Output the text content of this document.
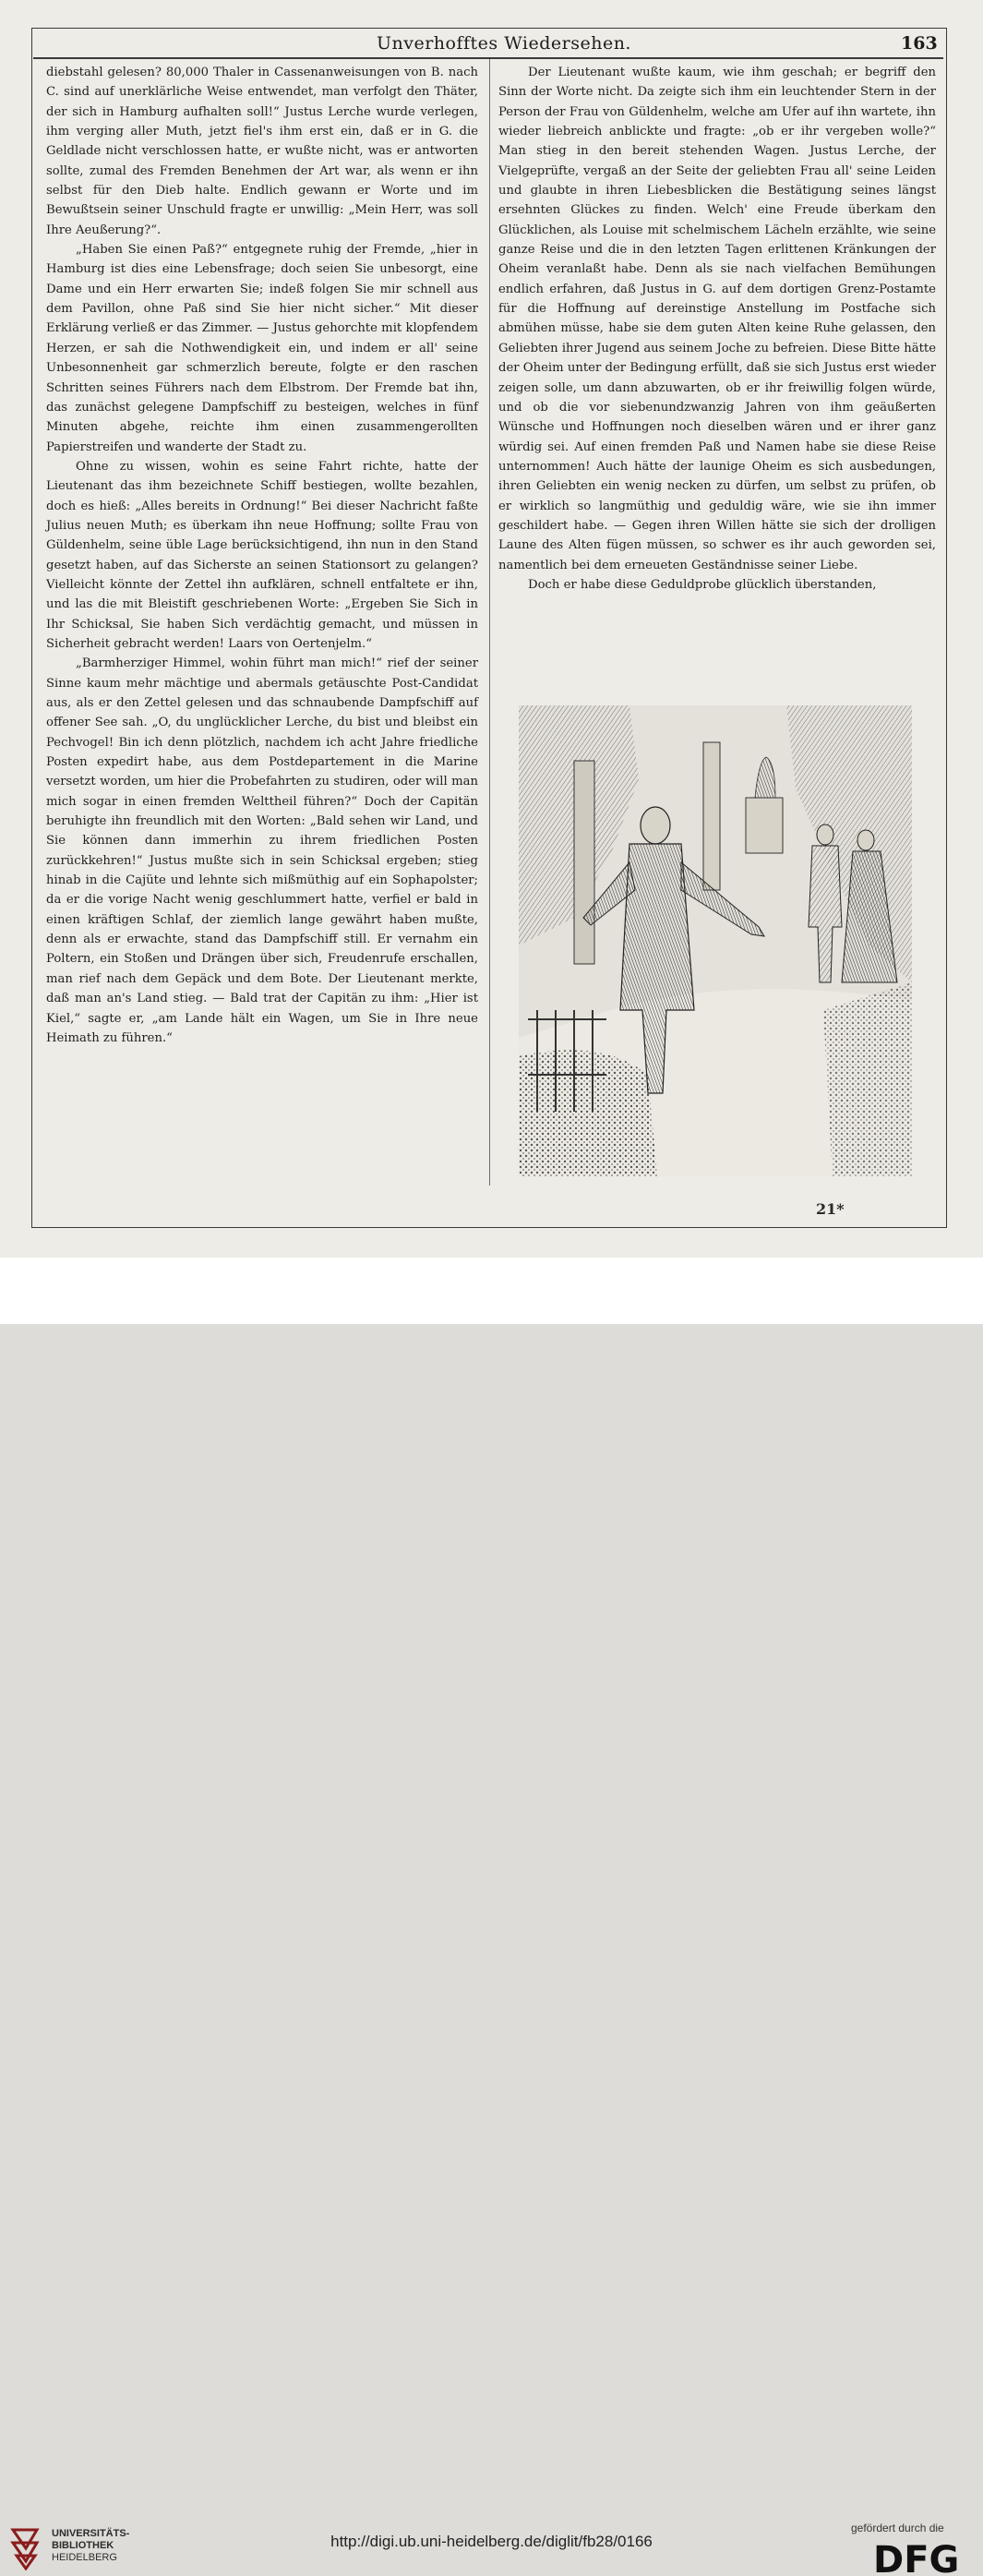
Unverhofftes Wiedersehen.	163

diebstahl gelesen? 80,000 Thaler in Cassenanweisungen von B. nach C. sind auf unerklärliche Weise entwendet, man verfolgt den Thäter, der sich in Hamburg aufhalten soll!“ Justus Lerche wurde verlegen, ihm verging aller Muth, jetzt fiel's ihm erst ein, daß er in G. die Geldlade nicht verschlossen hatte, er wußte nicht, was er antworten sollte, zumal des Fremden Benehmen der Art war, als wenn er ihn selbst für den Dieb halte. Endlich gewann er Worte und im Bewußtsein seiner Unschuld fragte er unwillig: „Mein Herr, was soll Ihre Aeußerung?“.

„Haben Sie einen Paß?“ entgegnete ruhig der Fremde, „hier in Hamburg ist dies eine Lebensfrage; doch seien Sie unbesorgt, eine Dame und ein Herr erwarten Sie; indeß folgen Sie mir schnell aus dem Pavillon, ohne Paß sind Sie hier nicht sicher.“ Mit dieser Erklärung verließ er das Zimmer. — Justus gehorchte mit klopfendem Herzen, er sah die Nothwendigkeit ein, und indem er all' seine Unbesonnenheit gar schmerzlich bereute, folgte er den raschen Schritten seines Führers nach dem Elbstrom. Der Fremde bat ihn, das zunächst gelegene Dampfschiff zu besteigen, welches in fünf Minuten abgehe, reichte ihm einen zusammengerollten Papierstreifen und wanderte der Stadt zu.

Ohne zu wissen, wohin es seine Fahrt richte, hatte der Lieutenant das ihm bezeichnete Schiff bestiegen, wollte bezahlen, doch es hieß: „Alles bereits in Ordnung!“ Bei dieser Nachricht faßte Julius neuen Muth; es überkam ihn neue Hoffnung; sollte Frau von Güldenhelm, seine üble Lage berücksichtigend, ihn nun in den Stand gesetzt haben, auf das Sicherste an seinen Stationsort zu gelangen? Vielleicht könnte der Zettel ihn aufklären, schnell entfaltete er ihn, und las die mit Bleistift geschriebenen Worte: „Ergeben Sie Sich in Ihr Schicksal, Sie haben Sich verdächtig gemacht, und müssen in Sicherheit gebracht werden! Laars von Oertenjelm.“

„Barmherziger Himmel, wohin führt man mich!“ rief der seiner Sinne kaum mehr mächtige und abermals getäuschte Post-Candidat aus, als er den Zettel gelesen und das schnaubende Dampfschiff auf offener See sah. „O, du unglücklicher Lerche, du bist und bleibst ein Pechvogel! Bin ich denn plötzlich, nachdem ich acht Jahre friedliche Posten expedirt habe, aus dem Postdepartement in die Marine versetzt worden, um hier die Probefahrten zu studiren, oder will man mich sogar in einen fremden Welttheil führen?“ Doch der Capitän beruhigte ihn freundlich mit den Worten: „Bald sehen wir Land, und Sie können dann immerhin zu ihrem friedlichen Posten zurückkehren!“ Justus mußte sich in sein Schicksal ergeben; stieg hinab in die Cajüte und lehnte sich mißmüthig auf ein Sophapolster; da er die vorige Nacht wenig geschlummert hatte, verfiel er bald in einen kräftigen Schlaf, der ziemlich lange gewährt haben mußte, denn als er erwachte, stand das Dampfschiff still. Er vernahm ein Poltern, ein Stoßen und Drängen über sich, Freudenrufe erschallen, man rief nach dem Gepäck und dem Bote. Der Lieutenant merkte, daß man an's Land stieg. — Bald trat der Capitän zu ihm: „Hier ist Kiel,“ sagte er, „am Lande hält ein Wagen, um Sie in Ihre neue Heimath zu führen.“

Der Lieutenant wußte kaum, wie ihm geschah; er begriff den Sinn der Worte nicht. Da zeigte sich ihm ein leuchtender Stern in der Person der Frau von Güldenhelm, welche am Ufer auf ihn wartete, ihn wieder liebreich anblickte und fragte: „ob er ihr vergeben wolle?“ Man stieg in den bereit stehenden Wagen. Justus Lerche, der Vielgeprüfte, vergaß an der Seite der geliebten Frau all' seine Leiden und glaubte in ihren Liebesblicken die Bestätigung seines längst ersehnten Glückes zu finden. Welch' eine Freude überkam den Glücklichen, als Louise mit schelmischem Lächeln erzählte, wie seine ganze Reise und die in den letzten Tagen erlittenen Kränkungen der Oheim veranlaßt habe. Denn als sie nach vielfachen Bemühungen endlich erfahren, daß Justus in G. auf dem dortigen Grenz-Postamte für die Hoffnung auf dereinstige Anstellung im Postfache sich abmühen müsse, habe sie dem guten Alten keine Ruhe gelassen, den Geliebten ihrer Jugend aus seinem Joche zu befreien. Diese Bitte hätte der Oheim unter der Bedingung erfüllt, daß sie sich Justus erst wieder zeigen solle, um dann abzuwarten, ob er ihr freiwillig folgen würde, und ob die vor siebenundzwanzig Jahren von ihm geäußerten Wünsche und Hoffnungen noch dieselben wären und er ihrer ganz würdig sei. Auf einen fremden Paß und Namen habe sie diese Reise unternommen! Auch hätte der launige Oheim es sich ausbedungen, ihren Geliebten ein wenig necken zu dürfen, um selbst zu prüfen, ob er wirklich so langmüthig und geduldig wäre, wie sie ihn immer geschildert habe. — Gegen ihren Willen hätte sie sich der drolligen Laune des Alten fügen müssen, so schwer es ihr auch geworden sei, namentlich bei dem erneueten Geständnisse seiner Liebe.

Doch er habe diese Geduldprobe glücklich überstanden,

21*
UNIVERSITÄTS-
BIBLIOTHEK
HEIDELBERG
http://digi.ub.uni-heidelberg.de/diglit/fb28/0166
gefördert durch die
DFG
